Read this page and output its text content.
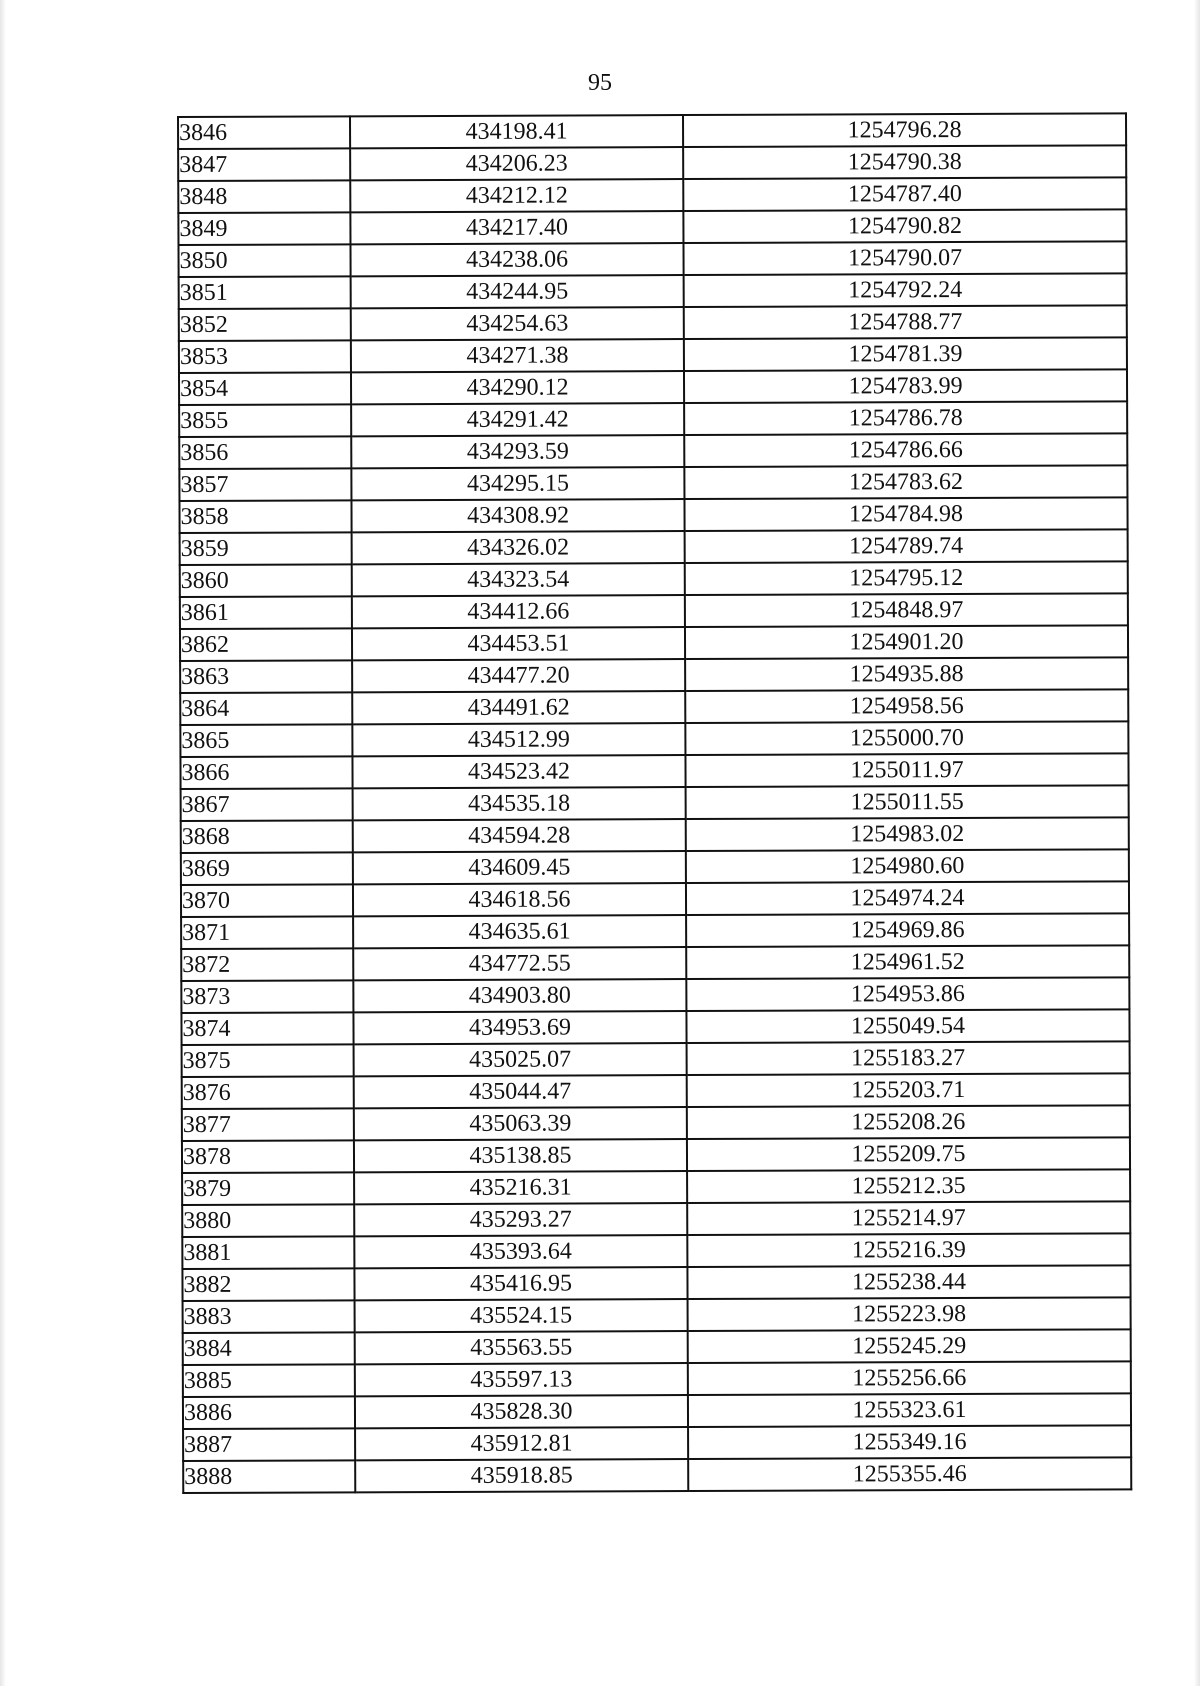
95
3846	434198.41	1254796.28
3847	434206.23	1254790.38
3848	434212.12	1254787.40
3849	434217.40	1254790.82
3850	434238.06	1254790.07
3851	434244.95	1254792.24
3852	434254.63	1254788.77
3853	434271.38	1254781.39
3854	434290.12	1254783.99
3855	434291.42	1254786.78
3856	434293.59	1254786.66
3857	434295.15	1254783.62
3858	434308.92	1254784.98
3859	434326.02	1254789.74
3860	434323.54	1254795.12
3861	434412.66	1254848.97
3862	434453.51	1254901.20
3863	434477.20	1254935.88
3864	434491.62	1254958.56
3865	434512.99	1255000.70
3866	434523.42	1255011.97
3867	434535.18	1255011.55
3868	434594.28	1254983.02
3869	434609.45	1254980.60
3870	434618.56	1254974.24
3871	434635.61	1254969.86
3872	434772.55	1254961.52
3873	434903.80	1254953.86
3874	434953.69	1255049.54
3875	435025.07	1255183.27
3876	435044.47	1255203.71
3877	435063.39	1255208.26
3878	435138.85	1255209.75
3879	435216.31	1255212.35
3880	435293.27	1255214.97
3881	435393.64	1255216.39
3882	435416.95	1255238.44
3883	435524.15	1255223.98
3884	435563.55	1255245.29
3885	435597.13	1255256.66
3886	435828.30	1255323.61
3887	435912.81	1255349.16
3888	435918.85	1255355.46
